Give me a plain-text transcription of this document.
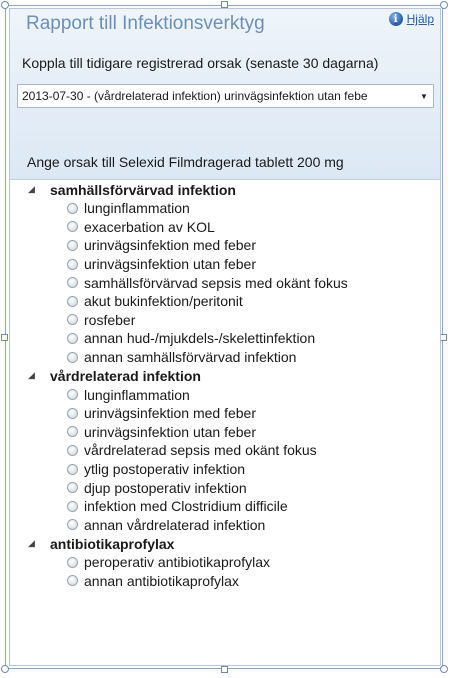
Rapport till Infektionsverktyg	i Hjälp
Koppla till tidigare registrerad orsak (senaste 30 dagarna)
2013-07-30 - (vårdrelaterad infektion) urinvägsinfektion utan febe	▼
Ange orsak till Selexid Filmdragerad tablett 200 mg
◢	samhällsförvärvad infektion
lunginflammation
exacerbation av KOL
urinvägsinfektion med feber
urinvägsinfektion utan feber
samhällsförvärvad sepsis med okänt fokus
akut bukinfektion/peritonit
rosfeber
annan hud-/mjukdels-/skelettinfektion
annan samhällsförvärvad infektion
◢	vårdrelaterad infektion
lunginflammation
urinvägsinfektion med feber
urinvägsinfektion utan feber
vårdrelaterad sepsis med okänt fokus
ytlig postoperativ infektion
djup postoperativ infektion
infektion med Clostridium difficile
annan vårdrelaterad infektion
◢	antibiotikaprofylax
peroperativ antibiotikaprofylax
annan antibiotikaprofylax
